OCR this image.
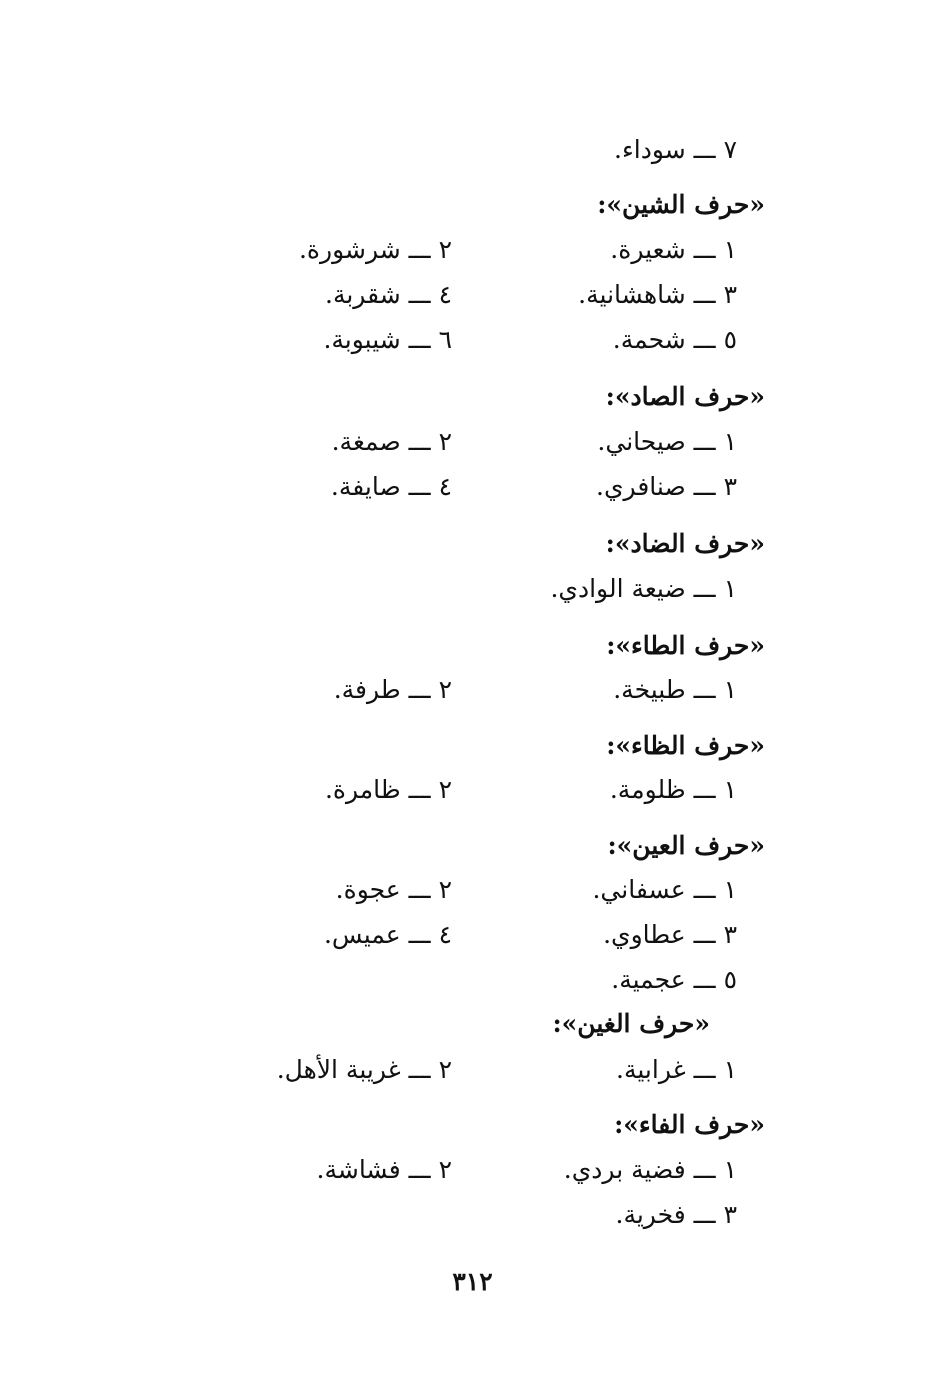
٧ ـــ سوداء.
«حرف الشين»:
١ ـــ شعيرة.
٢ ـــ شرشورة.
٣ ـــ شاهشانية.
٤ ـــ شقربة.
٥ ـــ شحمة.
٦ ـــ شيبوبة.
«حرف الصاد»:
١ ـــ صيحاني.
٢ ـــ صمغة.
٣ ـــ صنافري.
٤ ـــ صايفة.
«حرف الضاد»:
١ ـــ ضيعة الوادي.
«حرف الطاء»:
١ ـــ طبيخة.
٢ ـــ طرفة.
«حرف الظاء»:
١ ـــ ظلومة.
٢ ـــ ظامرة.
«حرف العين»:
١ ـــ عسفاني.
٢ ـــ عجوة.
٣ ـــ عطاوي.
٤ ـــ عميس.
٥ ـــ عجمية.
«حرف الغين»:
١ ـــ غرابية.
٢ ـــ غريبة الأهل.
«حرف الفاء»:
١ ـــ فضية بردي.
٢ ـــ فشاشة.
٣ ـــ فخرية.
٣١٢
